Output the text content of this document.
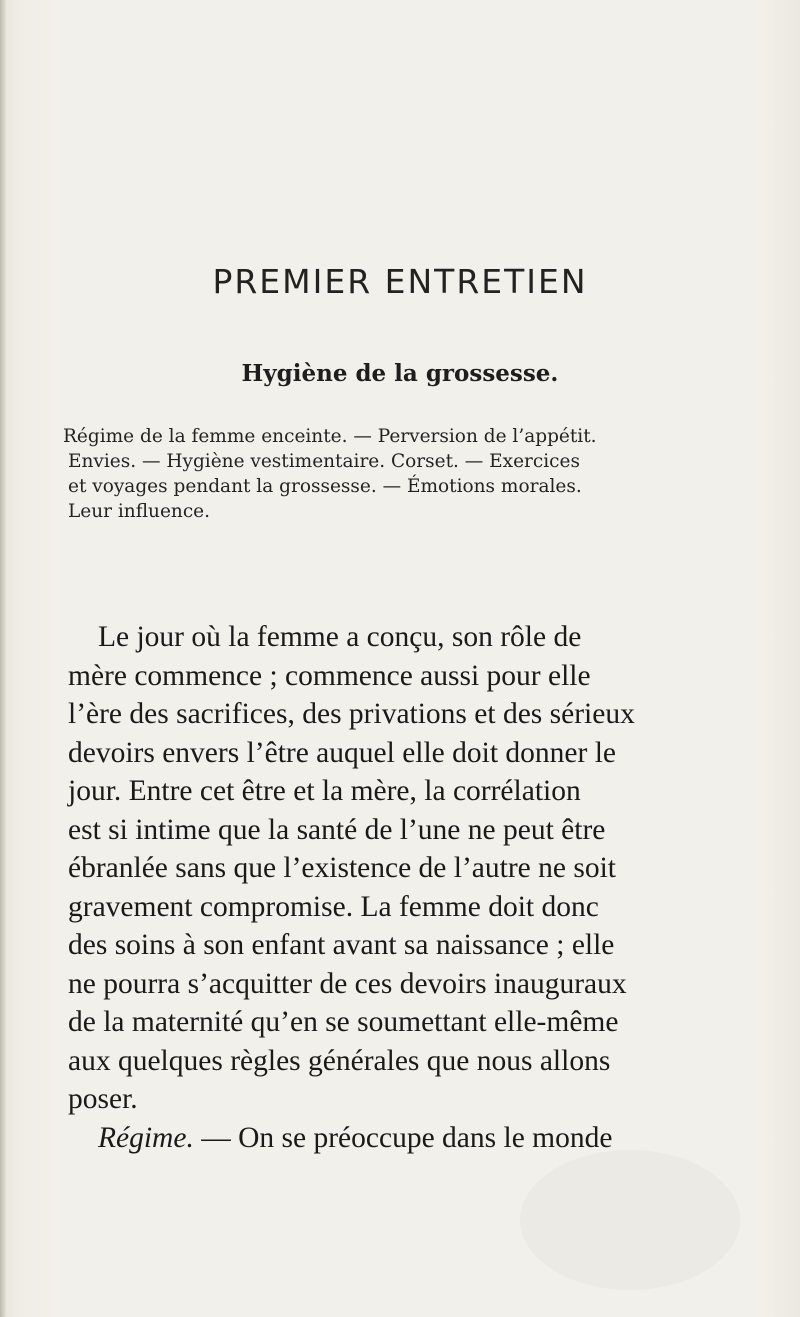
PREMIER ENTRETIEN
Hygiène de la grossesse.
Régime de la femme enceinte. — Perversion de l’appétit.
Envies. — Hygiène vestimentaire. Corset. — Exercices
et voyages pendant la grossesse. — Émotions morales.
Leur influence.
Le jour où la femme a conçu, son rôle de
mère commence ; commence aussi pour elle
l’ère des sacrifices, des privations et des sérieux
devoirs envers l’être auquel elle doit donner le
jour. Entre cet être et la mère, la corrélation
est si intime que la santé de l’une ne peut être
ébranlée sans que l’existence de l’autre ne soit
gravement compromise. La femme doit donc
des soins à son enfant avant sa naissance ; elle
ne pourra s’acquitter de ces devoirs inauguraux
de la maternité qu’en se soumettant elle-même
aux quelques règles générales que nous allons
poser.
Régime. — On se préoccupe dans le monde
